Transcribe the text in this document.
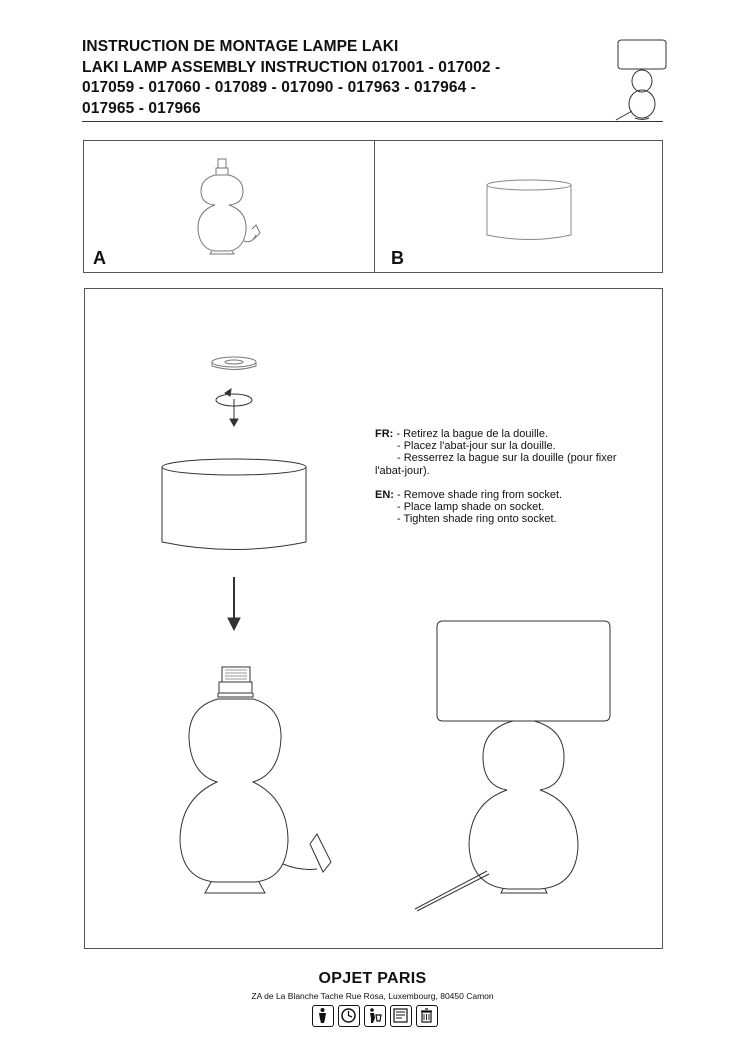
INSTRUCTION DE MONTAGE LAMPE LAKI
LAKI LAMP ASSEMBLY INSTRUCTION 017001 - 017002 -
017059 - 017060 - 017089 - 017090 - 017963 - 017964 -
017965 - 017966
A	B
FR: - Retirez la bague de la douille.
- Placez l'abat-jour sur la douille.
- Resserrez la bague sur la douille (pour fixer
l'abat-jour).
EN: - Remove shade ring from socket.
- Place lamp shade on socket.
- Tighten shade ring onto socket.
OPJET PARIS
ZA de La Blanche Tache Rue Rosa, Luxembourg, 80450 Camon
